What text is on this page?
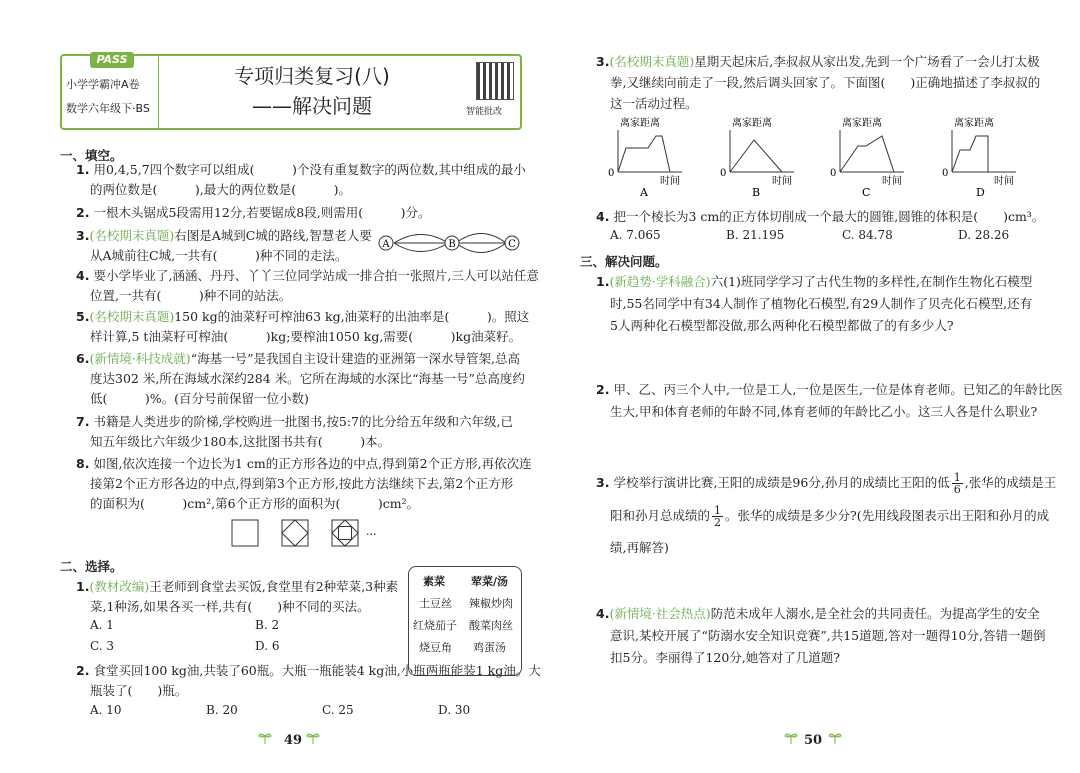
PASS
小学学霸冲A卷
数学六年级下·BS
专项归类复习(八)
——解决问题	智能批改
一、填空。
1. 用0,4,5,7四个数字可以组成(　　　)个没有重复数字的两位数,其中组成的最小
的两位数是(　　　),最大的两位数是(　　　)。
2. 一根木头锯成5段需用12分,若要锯成8段,则需用(　　　)分。
3.(名校期末真题)右图是A城到C城的路线,智慧老人要
从A城前往C城,一共有(　　　)种不同的走法。
A	B	C
4. 要小学毕业了,涵涵、丹丹、丫丫三位同学站成一排合拍一张照片,三人可以站任意
位置,一共有(　　　)种不同的站法。
5.(名校期末真题)150 kg的油菜籽可榨油63 kg,油菜籽的出油率是(　　　)。照这
样计算,5 t油菜籽可榨油(　　　)kg;要榨油1050 kg,需要(　　　)kg油菜籽。
6.(新情境·科技成就)“海基一号”是我国自主设计建造的亚洲第一深水导管架,总高
度达302 米,所在海域水深约284 米。它所在海域的水深比“海基一号”总高度约
低(　　　)%。(百分号前保留一位小数)
7. 书籍是人类进步的阶梯,学校购进一批图书,按5:7的比分给五年级和六年级,已
知五年级比六年级少180本,这批图书共有(　　　)本。
8. 如图,依次连接一个边长为1 cm的正方形各边的中点,得到第2个正方形,再依次连
接第2个正方形各边的中点,得到第3个正方形,按此方法继续下去,第2个正方形
的面积为(　　　)cm²,第6个正方形的面积为(　　　)cm²。
···
二、选择。
1.(教材改编)王老师到食堂去买饭,食堂里有2种荤菜,3种素
菜,1种汤,如果各买一样,共有(　　)种不同的买法。
A. 1	B. 2
C. 3	D. 6
素菜 荤菜/汤
土豆丝 辣椒炒肉
红烧茄子 酸菜肉丝
烧豆角 鸡蛋汤
2. 食堂买回100 kg油,共装了60瓶。大瓶一瓶能装4 kg油,小瓶两瓶能装1 kg油。大
瓶装了(　　)瓶。
A. 10	B. 20	C. 25	D. 30
49
3.(名校期末真题)星期天起床后,李叔叔从家出发,先到一个广场看了一会儿打太极
拳,又继续向前走了一段,然后调头回家了。下面图(　　)正确地描述了李叔叔的
这一活动过程。
离家距离
0
时间
A
离家距离
0
时间
B
离家距离
0
时间
C
离家距离
0
时间
D
4. 把一个棱长为3 cm的正方体切削成一个最大的圆锥,圆锥的体积是(　　)cm³。
A. 7.065	B. 21.195	C. 84.78	D. 28.26
三、解决问题。
1.(新趋势·学科融合)六(1)班同学学习了古代生物的多样性,在制作生物化石模型
时,55名同学中有34人制作了植物化石模型,有29人制作了贝壳化石模型,还有
5人两种化石模型都没做,那么两种化石模型都做了的有多少人?
2. 甲、乙、丙三个人中,一位是工人,一位是医生,一位是体育老师。已知乙的年龄比医
生大,甲和体育老师的年龄不同,体育老师的年龄比乙小。这三人各是什么职业?
3. 学校举行演讲比赛,王阳的成绩是96分,孙月的成绩比王阳的低 $\frac{1}{6}$ ,张华的成绩是王
阳和孙月总成绩的 $\frac{1}{2}$ 。张华的成绩是多少分?(先用线段图表示出王阳和孙月的成
绩,再解答)
4.(新情境·社会热点)防范未成年人溺水,是全社会的共同责任。为提高学生的安全
意识,某校开展了“防溺水安全知识竞赛”,共15道题,答对一题得10分,答错一题倒
扣5分。李丽得了120分,她答对了几道题?
50
